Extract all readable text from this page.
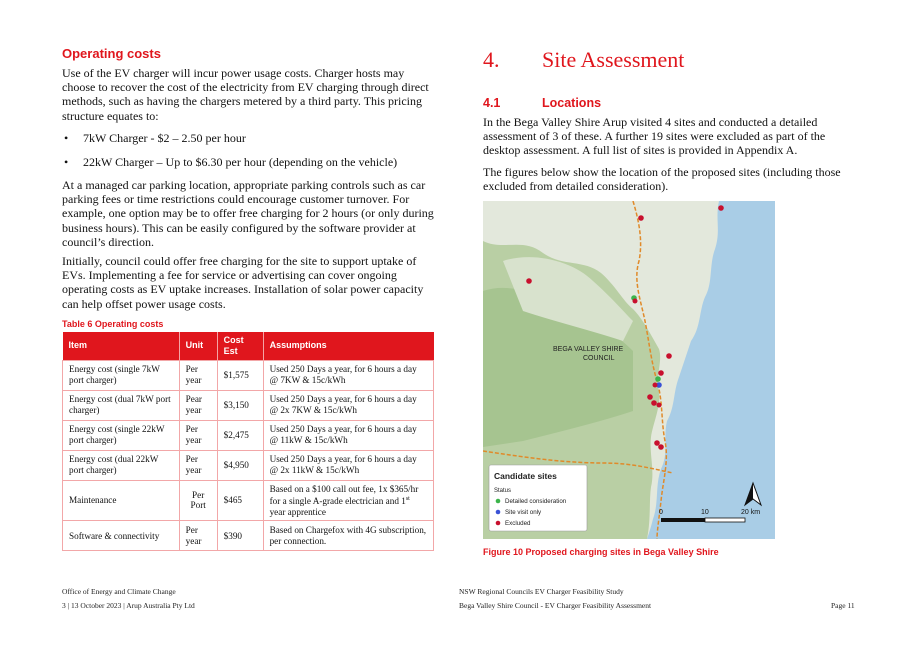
Operating costs
Use of the EV charger will incur power usage costs. Charger hosts may choose to recover the cost of the electricity from EV charging through direct methods, such as having the chargers metered by a third party. This pricing structure equates to:
• 7kW Charger - $2 – 2.50 per hour
• 22kW Charger – Up to $6.30 per hour (depending on the vehicle)
At a managed car parking location, appropriate parking controls such as car parking fees or time restrictions could encourage customer turnover. For example, one option may be to offer free charging for 2 hours (or only during business hours). This can be easily configured by the software provider at council’s direction.
Initially, council could offer free charging for the site to support uptake of EVs. Implementing a fee for service or advertising can cover ongoing operating costs as EV uptake increases. Installation of solar power capacity can help offset power usage costs.
Table 6 Operating costs
Item	Unit	Cost Est	Assumptions
Energy cost (single 7kW port charger)	Per year	$1,575	Used 250 Days a year, for 6 hours a day @ 7KW & 15c/kWh
Energy cost (dual 7kW port charger)	Pear year	$3,150	Used 250 Days a year, for 6 hours a day @ 2x 7KW & 15c/kWh
Energy cost (single 22kW port charger)	Per year	$2,475	Used 250 Days a year, for 6 hours a day @ 11kW & 15c/kWh
Energy cost (dual 22kW port charger)	Per year	$4,950	Used 250 Days a year, for 6 hours a day @ 2x 11kW & 15c/kWh
Maintenance	Per Port	$465	Based on a $100 call out fee, 1x $365/hr for a single A-grade electrician and 1st year apprentice
Software & connectivity	Per year	$390	Based on Chargefox with 4G subscription, per connection.
Office of Energy and Climate Change
3 | 13 October 2023 | Arup Australia Pty Ltd
4. Site Assessment
4.1	Locations
In the Bega Valley Shire Arup visited 4 sites and conducted a detailed assessment of 3 of these. A further 19 sites were excluded as part of the desktop assessment. A full list of sites is provided in Appendix A.
The figures below show the location of the proposed sites (including those excluded from detailed consideration).
Figure 10 Proposed charging sites in Bega Valley Shire
NSW Regional Councils EV Charger Feasibility Study
Bega Valley Shire Council - EV Charger Feasibility Assessment	Page 11
BEGA VALLEY SHIRE
COUNCIL
Candidate sites
Status
Detailed consideration
Site visit only
Excluded
0	10	20 km
